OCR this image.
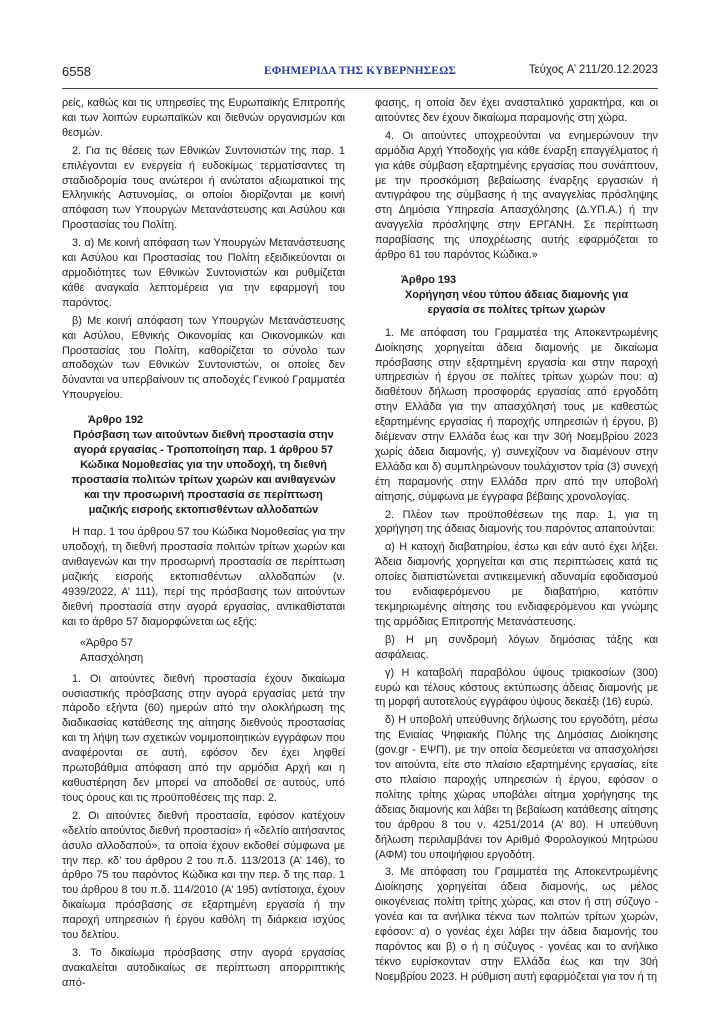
6558	ΕΦΗΜΕΡΙΔΑ ΤΗΣ ΚΥΒΕΡΝΗΣΕΩΣ	Τεύχος A’ 211/20.12.2023

ρείς, καθώς και τις υπηρεσίες της Ευρωπαϊκής Επιτροπής και των λοιπών ευρωπαϊκών και διεθνών οργανισμών και θεσμών.

2. Για τις θέσεις των Εθνικών Συντονιστών της παρ. 1 επιλέγονται εν ενεργεία ή ευδοκίμως τερματίσαντες τη σταδιοδρομία τους ανώτεροι ή ανώτατοι αξιωματικοί της Ελληνικής Αστυνομίας, οι οποίοι διορίζονται με κοινή απόφαση των Υπουργών Μετανάστευσης και Ασύλου και Προστασίας του Πολίτη.

3. α) Με κοινή απόφαση των Υπουργών Μετανάστευσης και Ασύλου και Προστασίας του Πολίτη εξειδικεύονται οι αρμοδιότητες των Εθνικών Συντονιστών και ρυθμίζεται κάθε αναγκαία λεπτομέρεια για την εφαρμογή του παρόντος.

β) Με κοινή απόφαση των Υπουργών Μετανάστευσης και Ασύλου, Εθνικής Οικονομίας και Οικονομικών και Προστασίας του Πολίτη, καθορίζεται το σύνολο των αποδοχών των Εθνικών Συντονιστών, οι οποίες δεν δύνανται να υπερβαίνουν τις αποδοχές Γενικού Γραμματέα Υπουργείου.

Άρθρο 192
Πρόσβαση των αιτούντων διεθνή προστασία στην αγορά εργασίας - Τροποποίηση παρ. 1 άρθρου 57 Κώδικα Νομοθεσίας για την υποδοχή, τη διεθνή προστασία πολιτών τρίτων χωρών και ανιθαγενών και την προσωρινή προστασία σε περίπτωση μαζικής εισροής εκτοπισθέντων αλλοδαπών

Η παρ. 1 του άρθρου 57 του Κώδικα Νομοθεσίας για την υποδοχή, τη διεθνή προστασία πολιτών τρίτων χωρών και ανιθαγενών και την προσωρινή προστασία σε περίπτωση μαζικής εισροής εκτοπισθέντων αλλοδαπών (ν. 4939/2022, Α’ 111), περί της πρόσβασης των αιτούντων διεθνή προστασία στην αγορά εργασίας, αντικαθίσταται και το άρθρο 57 διαμορφώνεται ως εξής:

«Άρθρο 57

Απασχόληση

1. Οι αιτούντες διεθνή προστασία έχουν δικαίωμα ουσιαστικής πρόσβασης στην αγορά εργασίας μετά την πάροδο εξήντα (60) ημερών από την ολοκλήρωση της διαδικασίας κατάθεσης της αίτησης διεθνούς προστασίας και τη λήψη των σχετικών νομιμοποιητικών εγγράφων που αναφέρονται σε αυτή, εφόσον δεν έχει ληφθεί πρωτοβάθμια απόφαση από την αρμόδια Αρχή και η καθυστέρηση δεν μπορεί να αποδοθεί σε αυτούς, υπό τους όρους και τις προϋποθέσεις της παρ. 2.

2. Οι αιτούντες διεθνή προστασία, εφόσον κατέχουν «δελτίο αιτούντος διεθνή προστασία» ή «δελτίο αιτήσαντος άσυλο αλλοδαπού», τα οποία έχουν εκδοθεί σύμφωνα με την περ. κδ’ του άρθρου 2 του π.δ. 113/2013 (Α’ 146), το άρθρο 75 του παρόντος Κώδικα και την περ. δ της παρ. 1 του άρθρου 8 του π.δ. 114/2010 (Α’ 195) αντίστοιχα, έχουν δικαίωμα πρόσβασης σε εξαρτημένη εργασία ή την παροχή υπηρεσιών ή έργου καθόλη τη διάρκεια ισχύος του δελτίου.

3. Το δικαίωμα πρόσβασης στην αγορά εργασίας ανακαλείται αυτοδικαίως σε περίπτωση απορριπτικής από-

φασης, η οποία δεν έχει ανασταλτικό χαρακτήρα, και οι αιτούντες δεν έχουν δικαίωμα παραμονής στη χώρα.

4. Οι αιτούντες υποχρεούνται να ενημερώνουν την αρμόδια Αρχή Υποδοχής για κάθε έναρξη επαγγέλματος ή για κάθε σύμβαση εξαρτημένης εργασίας που συνάπτουν, με την προσκόμιση βεβαίωσης έναρξης εργασιών ή αντιγράφου της σύμβασης ή της αναγγελίας πρόσληψης στη Δημόσια Υπηρεσία Απασχόλησης (Δ.ΥΠ.Α.) ή την αναγγελία πρόσληψης στην ΕΡΓΑΝΗ. Σε περίπτωση παραβίασης της υποχρέωσης αυτής εφαρμόζεται το άρθρο 61 του παρόντος Κώδικα.»

Άρθρο 193
Χορήγηση νέου τύπου άδειας διαμονής για εργασία σε πολίτες τρίτων χωρών

1. Με απόφαση του Γραμματέα της Αποκεντρωμένης Διοίκησης χορηγείται άδεια διαμονής με δικαίωμα πρόσβασης στην εξαρτημένη εργασία και στην παροχή υπηρεσιών ή έργου σε πολίτες τρίτων χωρών που: α) διαθέτουν δήλωση προσφοράς εργασίας από εργοδότη στην Ελλάδα για την απασχόλησή τους με καθεστώς εξαρτημένης εργασίας ή παροχής υπηρεσιών ή έργου, β) διέμεναν στην Ελλάδα έως και την 30ή Νοεμβρίου 2023 χωρίς άδεια διαμονής, γ) συνεχίζουν να διαμένουν στην Ελλάδα και δ) συμπληρώνουν τουλάχιστον τρία (3) συνεχή έτη παραμονής στην Ελλάδα πριν από την υποβολή αίτησης, σύμφωνα με έγγραφα βέβαιης χρονολογίας.

2. Πλέον των προϋποθέσεων της παρ. 1, για τη χορήγηση της άδειας διαμονής του παρόντος απαιτούνται:

α) Η κατοχή διαβατηρίου, έστω και εάν αυτό έχει λήξει. Άδεια διαμονής χορηγείται και στις περιπτώσεις κατά τις οποίες διαπιστώνεται αντικειμενική αδυναμία εφοδιασμού του ενδιαφερόμενου με διαβατήριο, κατόπιν τεκμηριωμένης αίτησης του ενδιαφερόμενου και γνώμης της αρμόδιας Επιτροπής Μετανάστευσης.

β) Η μη συνδρομή λόγων δημόσιας τάξης και ασφάλειας.

γ) Η καταβολή παραβόλου ύψους τριακοσίων (300) ευρώ και τέλους κόστους εκτύπωσης άδειας διαμονής με τη μορφή αυτοτελούς εγγράφου ύψους δεκαέξι (16) ευρώ.

δ) Η υποβολή υπεύθυνης δήλωσης του εργοδότη, μέσω της Ενιαίας Ψηφιακής Πύλης της Δημόσιας Διοίκησης (gov.gr - ΕΨΠ), με την οποία δεσμεύεται να απασχολήσει τον αιτούντα, είτε στο πλαίσιο εξαρτημένης εργασίας, είτε στο πλαίσιο παροχής υπηρεσιών ή έργου, εφόσον ο πολίτης τρίτης χώρας υποβάλει αίτημα χορήγησης της άδειας διαμονής και λάβει τη βεβαίωση κατάθεσης αίτησης του άρθρου 8 του ν. 4251/2014 (Α’ 80). Η υπεύθυνη δήλωση περιλαμβάνει τον Αριθμό Φορολογικού Μητρώου (ΑΦΜ) του υποψήφιου εργοδότη.

3. Με απόφαση του Γραμματέα της Αποκεντρωμένης Διοίκησης χορηγείται άδεια διαμονής, ως μέλος οικογένειας πολίτη τρίτης χώρας, και στον ή στη σύζυγο - γονέα και τα ανήλικα τέκνα των πολιτών τρίτων χωρών, εφόσον: α) ο γονέας έχει λάβει την άδεια διαμονής του παρόντος και β) ο ή η σύζυγος - γονέας και το ανήλικο τέκνο ευρίσκονταν στην Ελλάδα έως και την 30ή Νοεμβρίου 2023. Η ρύθμιση αυτή εφαρμόζεται για τον ή τη
